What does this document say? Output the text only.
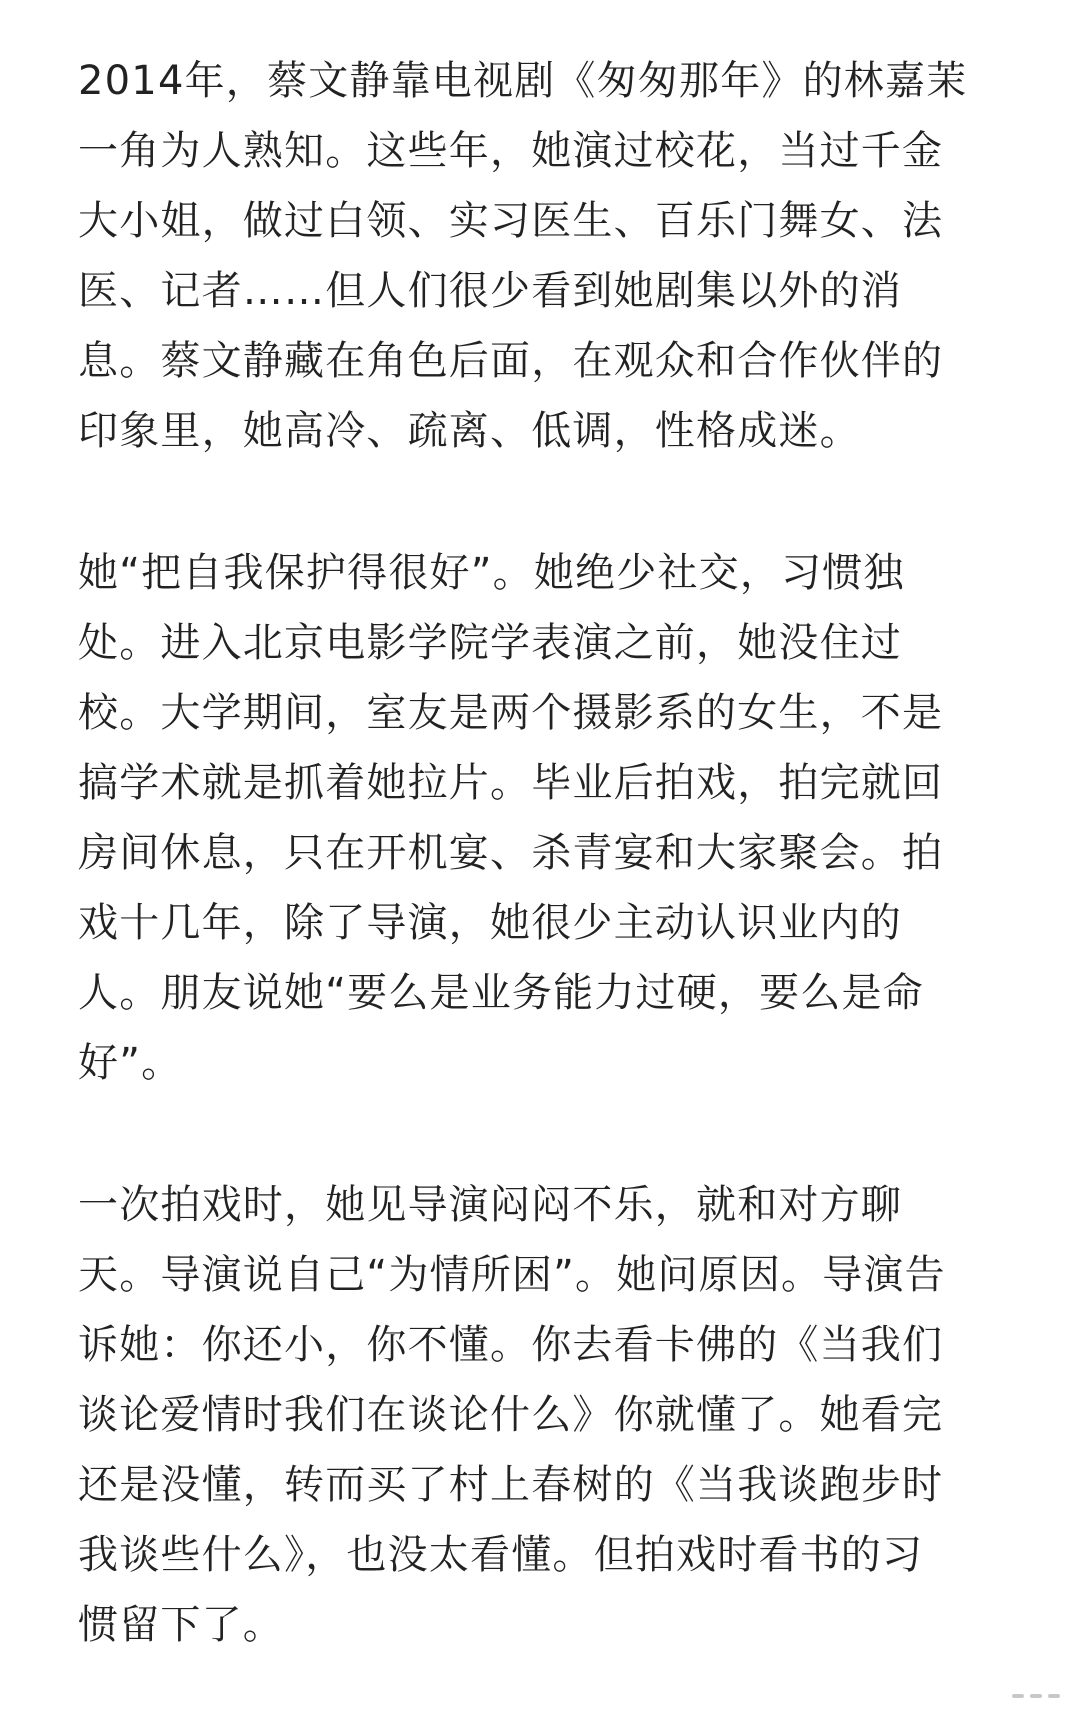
2014年，蔡文静靠电视剧《匆匆那年》的林嘉茉
一角为人熟知。这些年，她演过校花，当过千金
大小姐，做过白领、实习医生、百乐门舞女、法
医、记者……但人们很少看到她剧集以外的消
息。蔡文静藏在角色后面，在观众和合作伙伴的
印象里，她高冷、疏离、低调，性格成迷。

她“把自我保护得很好”。她绝少社交，习惯独
处。进入北京电影学院学表演之前，她没住过
校。大学期间，室友是两个摄影系的女生，不是
搞学术就是抓着她拉片。毕业后拍戏，拍完就回
房间休息，只在开机宴、杀青宴和大家聚会。拍
戏十几年，除了导演，她很少主动认识业内的
人。朋友说她“要么是业务能力过硬，要么是命
好”。

一次拍戏时，她见导演闷闷不乐，就和对方聊
天。导演说自己“为情所困”。她问原因。导演告
诉她：你还小，你不懂。你去看卡佛的《当我们
谈论爱情时我们在谈论什么》你就懂了。她看完
还是没懂，转而买了村上春树的《当我谈跑步时
我谈些什么》，也没太看懂。但拍戏时看书的习
惯留下了。
